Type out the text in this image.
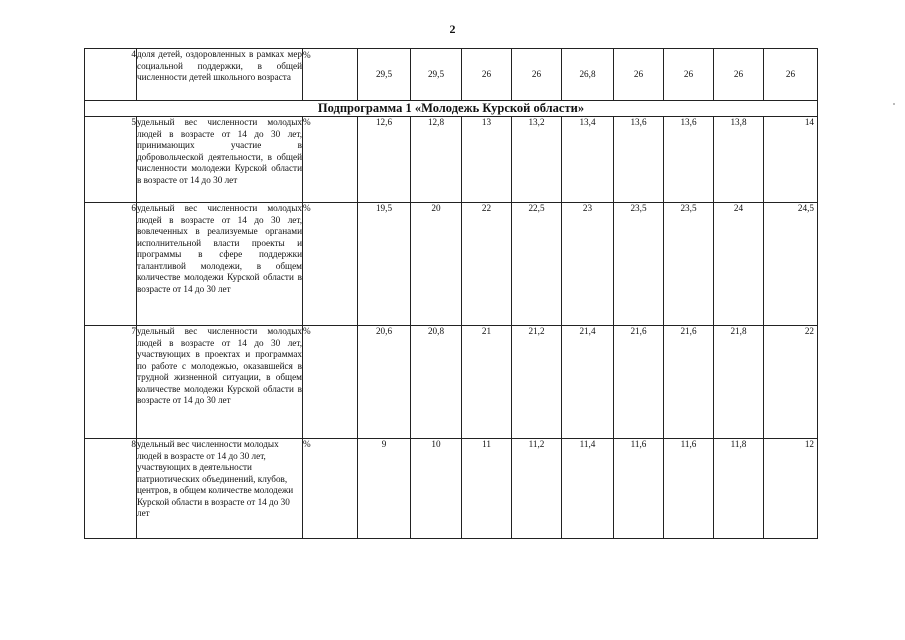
2
4	доля детей, оздоровленных в рамках мер социальной поддержки, в общей численности детей школьного возраста	%	29,5	29,5	26	26	26,8	26	26	26	26
Подпрограмма 1 «Молодежь Курской области»											
5	удельный вес численности молодых людей в возрасте от 14 до 30 лет, принимающих участие в добровольческой деятельности, в общей численности молодежи Курской области в возрасте от 14 до 30 лет	%	12,6	12,8	13	13,2	13,4	13,6	13,6	13,8	14
6	удельный вес численности молодых людей в возрасте от 14 до 30 лет, вовлеченных в реализуемые органами исполнительной власти проекты и программы в сфере поддержки талантливой молодежи, в общем количестве молодежи Курской области в возрасте от 14 до 30 лет	%	19,5	20	22	22,5	23	23,5	23,5	24	24,5
7	удельный вес численности молодых людей в возрасте от 14 до 30 лет, участвующих в проектах и программах по работе с молодежью, оказавшейся в трудной жизненной ситуации, в общем количестве молодежи Курской области в возрасте от 14 до 30 лет	%	20,6	20,8	21	21,2	21,4	21,6	21,6	21,8	22
8	удельный вес численности молодых людей в возрасте от 14 до 30 лет, участвующих в деятельности патриотических объединений, клубов, центров, в общем количестве молодежи Курской области в возрасте от 14 до 30 лет	%	9	10	11	11,2	11,4	11,6	11,6	11,8	12
